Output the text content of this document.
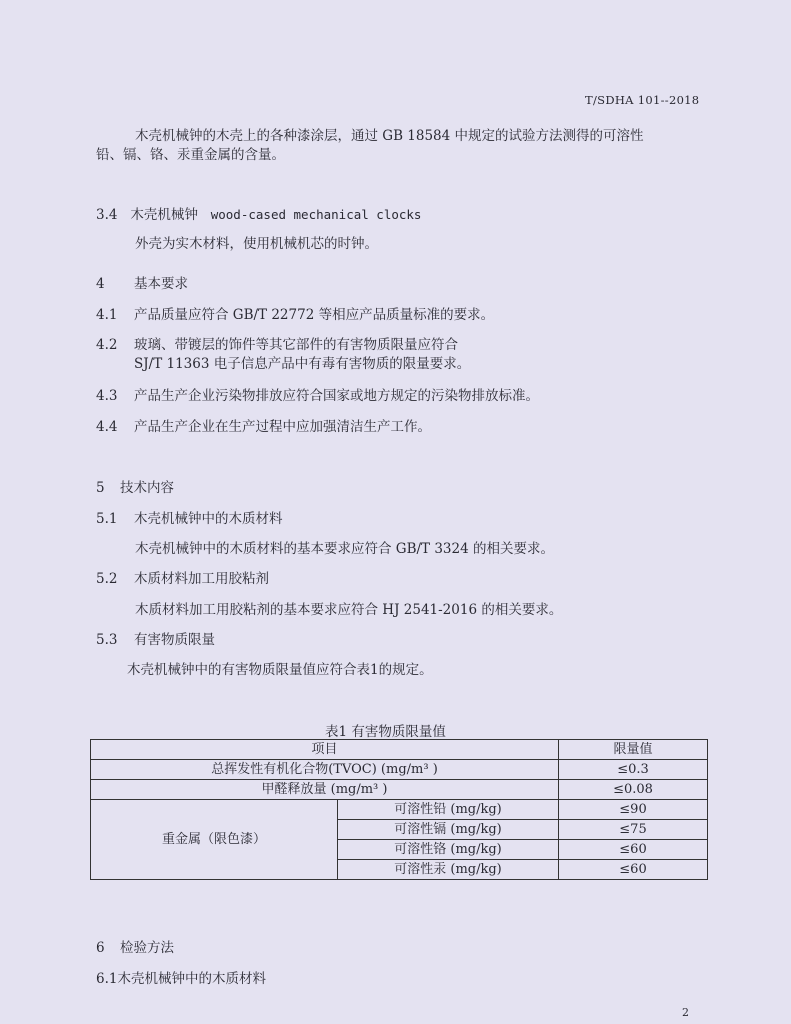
T/SDHA 101--2018
木壳机械钟的木壳上的各种漆涂层，通过 GB 18584 中规定的试验方法测得的可溶性
铅、镉、铬、汞重金属的含量。
3.4 木壳机械钟 wood-cased mechanical clocks
外壳为实木材料，使用机械机芯的时钟。
4 基本要求
4.1 产品质量应符合 GB/T 22772 等相应产品质量标准的要求。
4.2 玻璃、带镀层的饰件等其它部件的有害物质限量应符合
SJ/T 11363 电子信息产品中有毒有害物质的限量要求。
4.3 产品生产企业污染物排放应符合国家或地方规定的污染物排放标准。
4.4 产品生产企业在生产过程中应加强清洁生产工作。
5 技术内容
5.1 木壳机械钟中的木质材料
木壳机械钟中的木质材料的基本要求应符合 GB/T 3324 的相关要求。
5.2 木质材料加工用胶粘剂
木质材料加工用胶粘剂的基本要求应符合 HJ 2541-2016 的相关要求。
5.3 有害物质限量
木壳机械钟中的有害物质限量值应符合表1的规定。
表1 有害物质限量值
项目		限量值
总挥发性有机化合物(TVOC) (mg/m³ )		≤0.3
甲醛释放量 (mg/m³ )		≤0.08
重金属（限色漆）	可溶性铅 (mg/kg)	≤90
	可溶性镉 (mg/kg)	≤75
	可溶性铬 (mg/kg)	≤60
	可溶性汞 (mg/kg)	≤60
6 检验方法
6.1木壳机械钟中的木质材料
2
